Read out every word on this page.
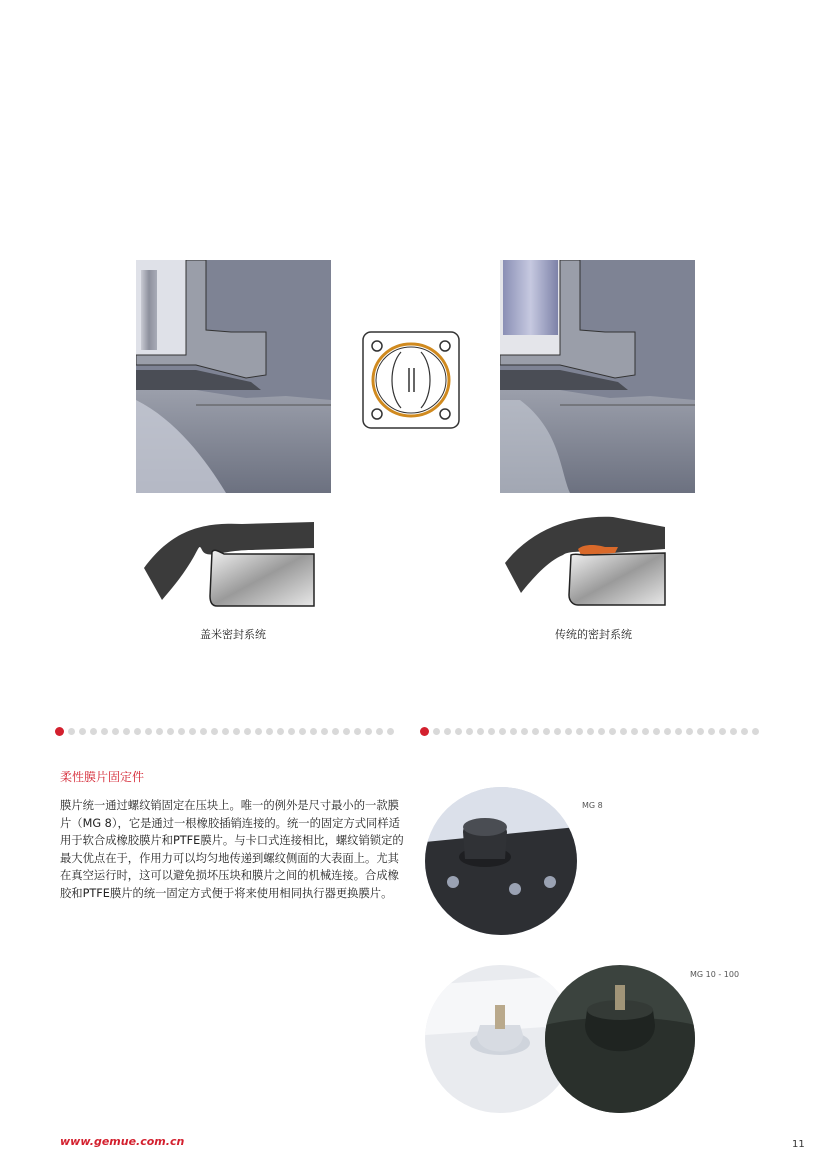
盖米密封系统	传统的密封系统
柔性膜片固定件
膜片统一通过螺纹销固定在压块上。唯一的例外是尺寸最小的一款膜片（MG 8），它是通过一根橡胶插销连接的。统一的固定方式同样适用于软合成橡胶膜片和PTFE膜片。与卡口式连接相比，螺纹销锁定的最大优点在于，作用力可以均匀地传递到螺纹侧面的大表面上。尤其在真空运行时，这可以避免损坏压块和膜片之间的机械连接。合成橡胶和PTFE膜片的统一固定方式便于将来使用相同执行器更换膜片。
MG 8
MG 10 - 100
www.gemue.com.cn	11
